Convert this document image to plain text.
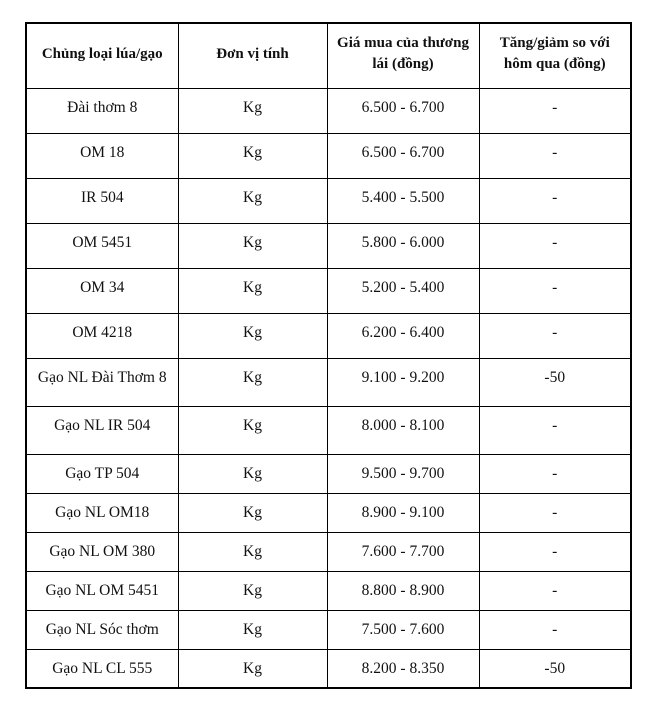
Chủng loại lúa/gạo	Đơn vị tính	Giá mua của thương lái (đồng)	Tăng/giảm so với hôm qua (đồng)

Đài thơm 8	Kg	6.500 - 6.700	-
OM 18	Kg	6.500 - 6.700	-
IR 504	Kg	5.400 - 5.500	-
OM 5451	Kg	5.800 - 6.000	-
OM 34	Kg	5.200 - 5.400	-
OM 4218	Kg	6.200 - 6.400	-
Gạo NL Đài Thơm 8	Kg	9.100 - 9.200	-50
Gạo NL IR 504	Kg	8.000 - 8.100	-
Gạo TP 504	Kg	9.500 - 9.700	-
Gạo NL OM18	Kg	8.900 - 9.100	-
Gạo NL OM 380	Kg	7.600 - 7.700	-
Gạo NL OM 5451	Kg	8.800 - 8.900	-
Gạo NL Sóc thơm	Kg	7.500 - 7.600	-
Gạo NL CL 555	Kg	8.200 - 8.350	-50
